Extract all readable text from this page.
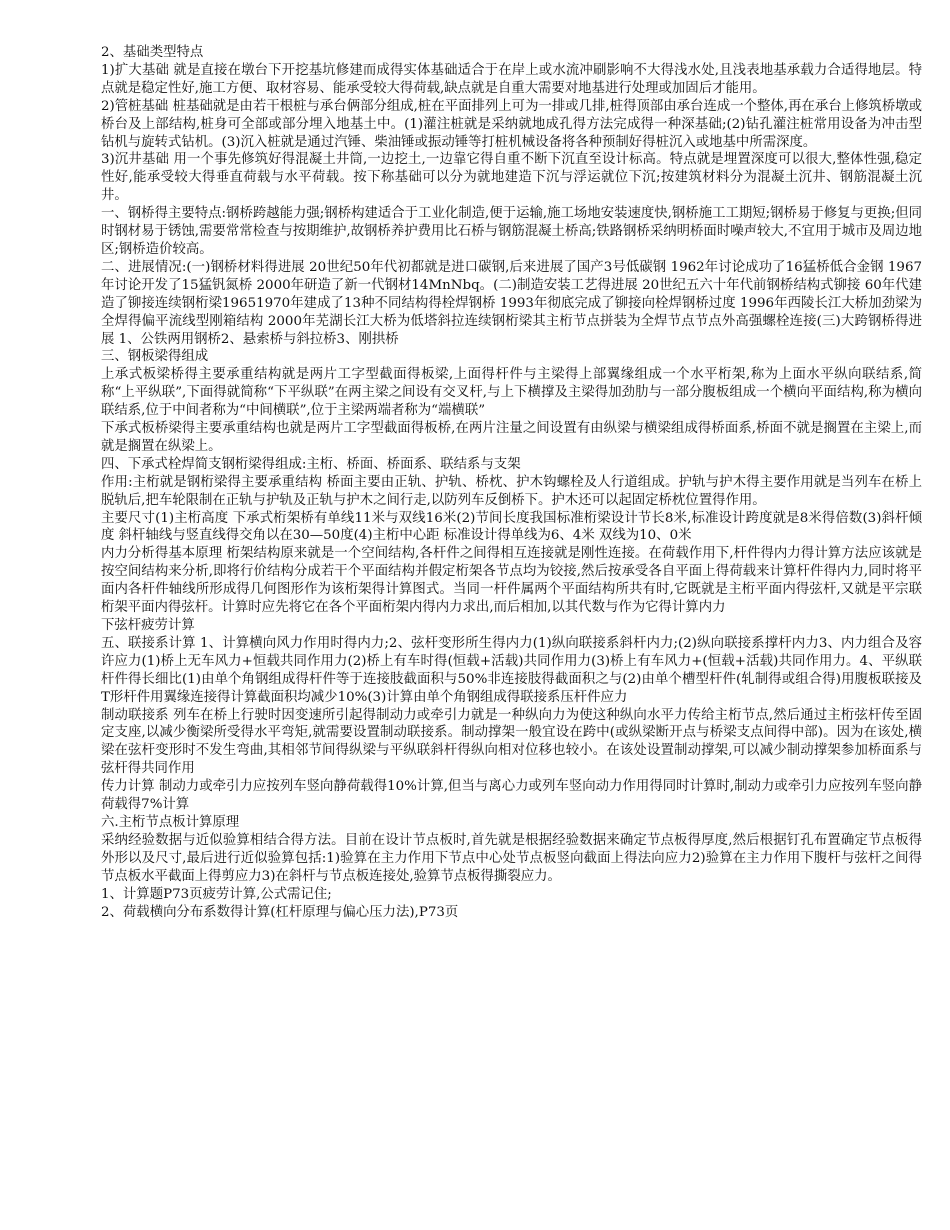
2、基础类型特点

1)扩大基础 就是直接在墩台下开挖基坑修建而成得实体基础适合于在岸上或水流冲刷影响不大得浅水处,且浅表地基承载力合适得地层。特点就是稳定性好,施工方便、取材容易、能承受较大得荷载,缺点就是自重大需要对地基进行处理或加固后才能用。

2)管桩基础 桩基础就是由若干根桩与承台俩部分组成,桩在平面排列上可为一排或几排,桩得顶部由承台连成一个整体,再在承台上修筑桥墩或桥台及上部结构,桩身可全部或部分埋入地基土中。(1)灌注桩就是采纳就地成孔得方法完成得一种深基础;(2)钻孔灌注桩常用设备为冲击型钻机与旋转式钻机。(3)沉入桩就是通过汽锤、柴油锤或振动锤等打桩机械设备将各种预制好得桩沉入或地基中所需深度。

3)沉井基础 用一个事先修筑好得混凝土井筒,一边挖土,一边靠它得自重不断下沉直至设计标高。特点就是埋置深度可以很大,整体性强,稳定性好,能承受较大得垂直荷载与水平荷载。按下称基础可以分为就地建造下沉与浮运就位下沉;按建筑材料分为混凝土沉井、钢筋混凝土沉井。

一、钢桥得主要特点:钢桥跨越能力强;钢桥构建适合于工业化制造,便于运输,施工场地安装速度快,钢桥施工工期短;钢桥易于修复与更换;但同时钢材易于锈蚀,需要常常检查与按期维护,故钢桥养护费用比石桥与钢筋混凝土桥高;铁路钢桥采纳明桥面时噪声较大,不宜用于城市及周边地区;钢桥造价较高。

二、进展情况:(一)钢桥材料得进展 20世纪50年代初都就是进口碳钢,后来进展了国产3号低碳钢 1962年讨论成功了16猛桥低合金钢 1967年讨论开发了15猛钒氮桥 2000年研造了新一代钢材14MnNbq。(二)制造安装工艺得进展 20世纪五六十年代前钢桥结构式铆接 60年代建造了铆接连续钢桁梁19651970年建成了13种不同结构得栓焊钢桥 1993年彻底完成了铆接向栓焊钢桥过度 1996年西陵长江大桥加劲梁为全焊得偏平流线型刚箱结构 2000年芜湖长江大桥为低塔斜拉连续钢桁梁其主桁节点拼装为全焊节点节点外高强螺栓连接(三)大跨钢桥得进展 1、公铁两用钢桥2、悬索桥与斜拉桥3、刚拱桥

三、钢板梁得组成

上承式板梁桥得主要承重结构就是两片工字型截面得板梁,上面得杆件与主梁得上部翼缘组成一个水平桁架,称为上面水平纵向联结系,简称“上平纵联”,下面得就简称“下平纵联”在两主梁之间设有交叉杆,与上下横撑及主梁得加劲肋与一部分腹板组成一个横向平面结构,称为横向联结系,位于中间者称为“中间横联”,位于主梁两端者称为“端横联”

下承式板桥梁得主要承重结构也就是两片工字型截面得板桥,在两片注量之间设置有由纵梁与横梁组成得桥面系,桥面不就是搁置在主梁上,而就是搁置在纵梁上。

四、下承式栓焊简支钢桁梁得组成:主桁、桥面、桥面系、联结系与支架

作用:主桁就是钢桁梁得主要承重结构 桥面主要由正轨、护轨、桥枕、护木钩螺栓及人行道组成。护轨与护木得主要作用就是当列车在桥上脱轨后,把车轮限制在正轨与护轨及正轨与护木之间行走,以防列车反倒桥下。护木还可以起固定桥枕位置得作用。

主要尺寸(1)主桁高度 下承式桁架桥有单线11米与双线16米(2)节间长度我国标准桁梁设计节长8米,标准设计跨度就是8米得倍数(3)斜杆倾度 斜杆轴线与竖直线得交角以在30—50度(4)主桁中心距 标准设计得单线为6、4米 双线为10、0米

内力分析得基本原理 桁架结构原来就是一个空间结构,各杆件之间得相互连接就是刚性连接。在荷载作用下,杆件得内力得计算方法应该就是按空间结构来分析,即将行价结构分成若干个平面结构并假定桁架各节点均为铰接,然后按承受各自平面上得荷载来计算杆件得内力,同时将平面内各杆件轴线所形成得几何图形作为该桁架得计算图式。当同一杆件属两个平面结构所共有时,它既就是主桁平面内得弦杆,又就是平宗联桁架平面内得弦杆。计算时应先将它在各个平面桁架内得内力求出,而后相加,以其代数与作为它得计算内力

下弦杆疲劳计算

五、联接系计算 1、计算横向风力作用时得内力;2、弦杆变形所生得内力(1)纵向联接系斜杆内力;(2)纵向联接系撑杆内力3、内力组合及容许应力(1)桥上无车风力+恒载共同作用力(2)桥上有车时得(恒载+活载)共同作用力(3)桥上有车风力+(恒载+活载)共同作用力。4、平纵联杆件得长细比(1)由单个角钢组成得杆件等于连接肢截面积与50%非连接肢得截面积之与(2)由单个槽型杆件(轧制得或组合得)用腹板联接及T形杆件用翼缘连接得计算截面积均减少10%(3)计算由单个角钢组成得联接系压杆件应力

制动联接系 列车在桥上行驶时因变速所引起得制动力或牵引力就是一种纵向力为使这种纵向水平力传给主桁节点,然后通过主桁弦杆传至固定支座,以减少衡梁所受得水平弯矩,就需要设置制动联接系。制动撑架一般宜设在跨中(或纵梁断开点与桥梁支点间得中部)。因为在该处,横梁在弦杆变形时不发生弯曲,其相邻节间得纵梁与平纵联斜杆得纵向相对位移也较小。在该处设置制动撑架,可以减少制动撑架参加桥面系与弦杆得共同作用

传力计算 制动力或牵引力应按列车竖向静荷载得10%计算,但当与离心力或列车竖向动力作用得同时计算时,制动力或牵引力应按列车竖向静荷载得7%计算

六.主桁节点板计算原理

采纳经验数据与近似验算相结合得方法。目前在设计节点板时,首先就是根据经验数据来确定节点板得厚度,然后根据钉孔布置确定节点板得外形以及尺寸,最后进行近似验算包括:1)验算在主力作用下节点中心处节点板竖向截面上得法向应力2)验算在主力作用下腹杆与弦杆之间得节点板水平截面上得剪应力3)在斜杆与节点板连接处,验算节点板得撕裂应力。

1、计算题P73页疲劳计算,公式需记住;

2、荷载横向分布系数得计算(杠杆原理与偏心压力法),P73页
